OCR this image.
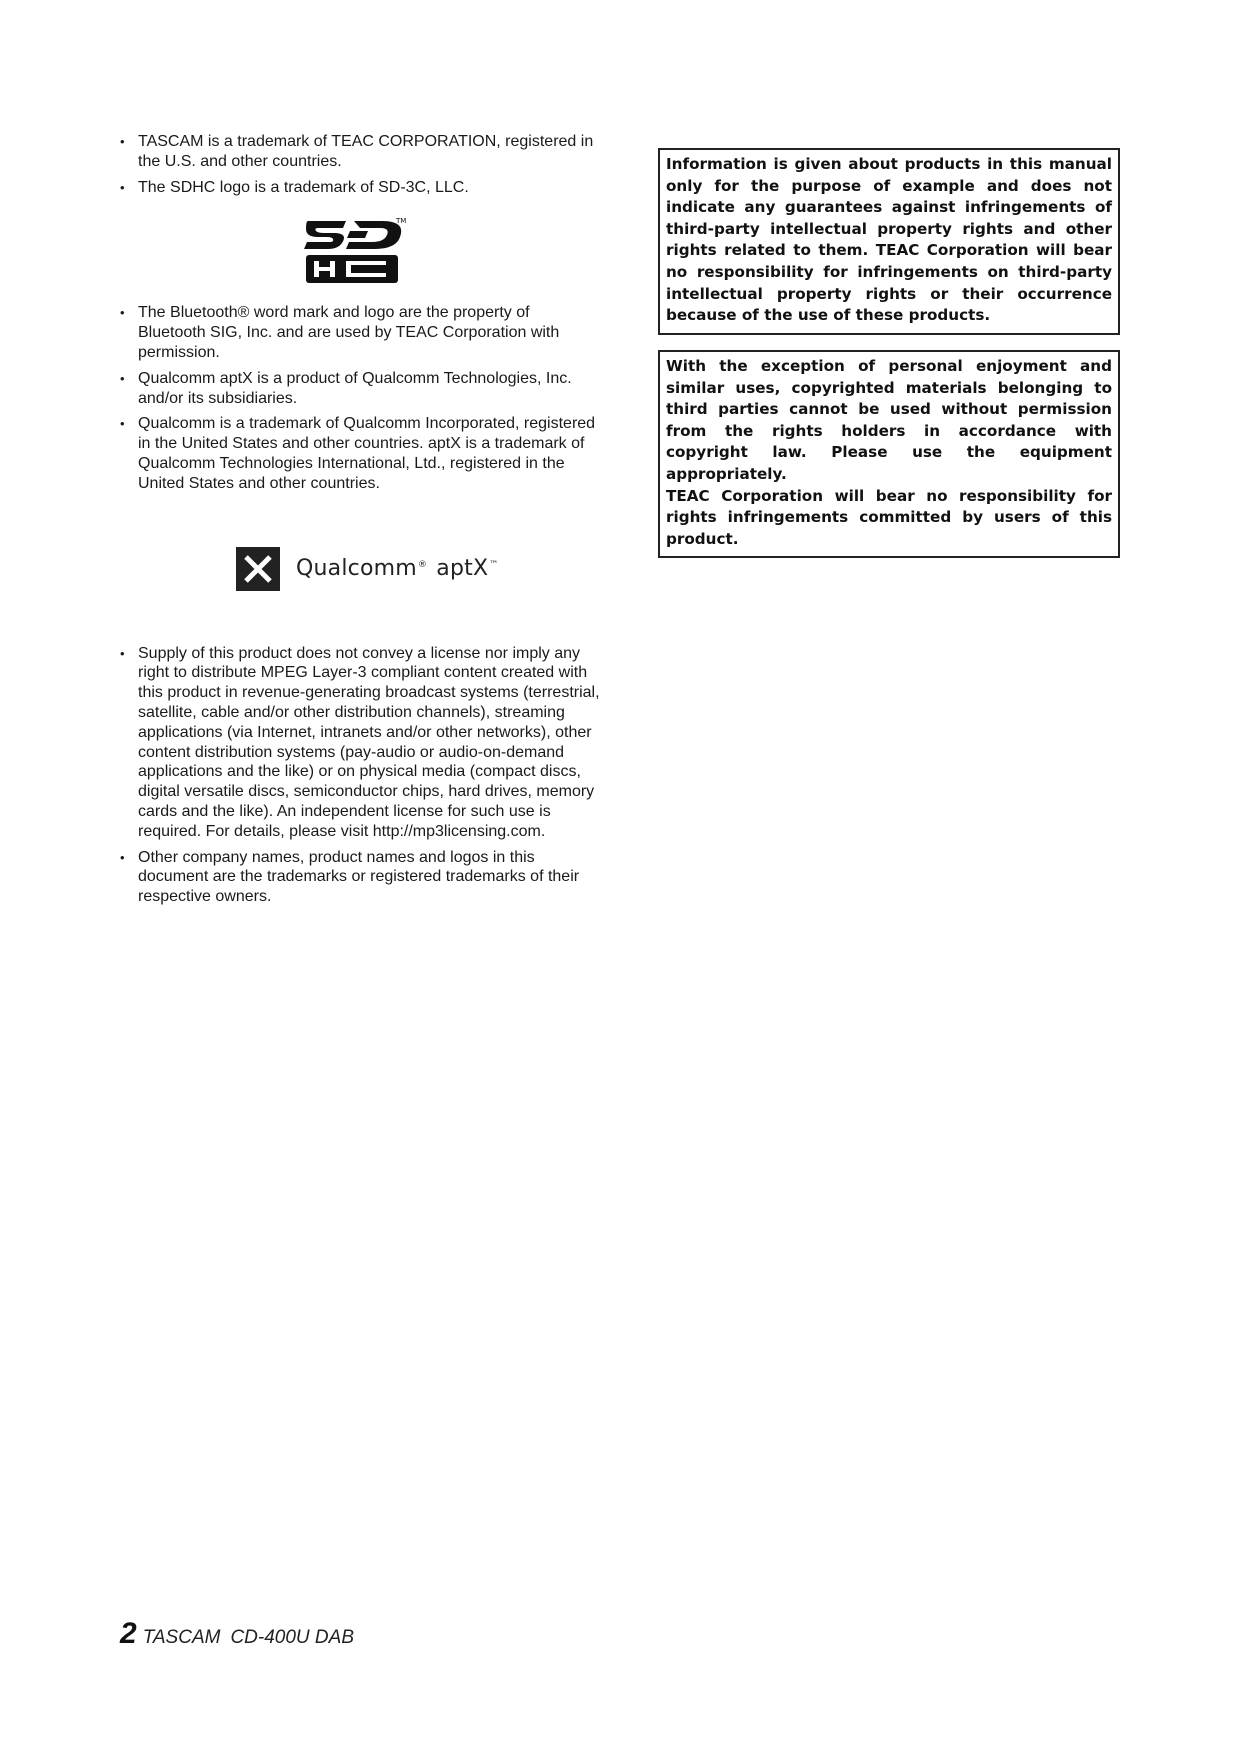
• TASCAM is a trademark of TEAC CORPORATION, registered in the U.S. and other countries.
• The SDHC logo is a trademark of SD-3C, LLC.
TM
• The Bluetooth® word mark and logo are the property of Bluetooth SIG, Inc. and are used by TEAC Corporation with permission.
• Qualcomm aptX is a product of Qualcomm Technologies, Inc. and/or its subsidiaries.
• Qualcomm is a trademark of Qualcomm Incorporated, registered in the United States and other countries. aptX is a trademark of Qualcomm Technologies International, Ltd., registered in the United States and other countries.
Qualcomm® aptX™
• Supply of this product does not convey a license nor imply any right to distribute MPEG Layer-3 compliant content created with this product in revenue-generating broadcast systems (terrestrial, satellite, cable and/or other distribution channels), streaming applications (via Internet, intranets and/or other networks), other content distribution systems (pay-audio or audio-on-demand applications and the like) or on physical media (compact discs, digital versatile discs, semiconductor chips, hard drives, memory cards and the like). An independent license for such use is required. For details, please visit http://mp3licensing.com.
• Other company names, product names and logos in this document are the trademarks or registered trademarks of their respective owners.

Information is given about products in this manual only for the purpose of example and does not indicate any guarantees against infringements of third-party intellectual property rights and other rights related to them. TEAC Corporation will bear no responsibility for infringements on third-party intellectual property rights or their occurrence because of the use of these products.

With the exception of personal enjoyment and similar uses, copyrighted materials belonging to third parties cannot be used without permission from the rights holders in accordance with copyright law. Please use the equipment appropriately.

TEAC Corporation will bear no responsibility for rights infringements committed by users of this product.

2 TASCAM CD-400U DAB
